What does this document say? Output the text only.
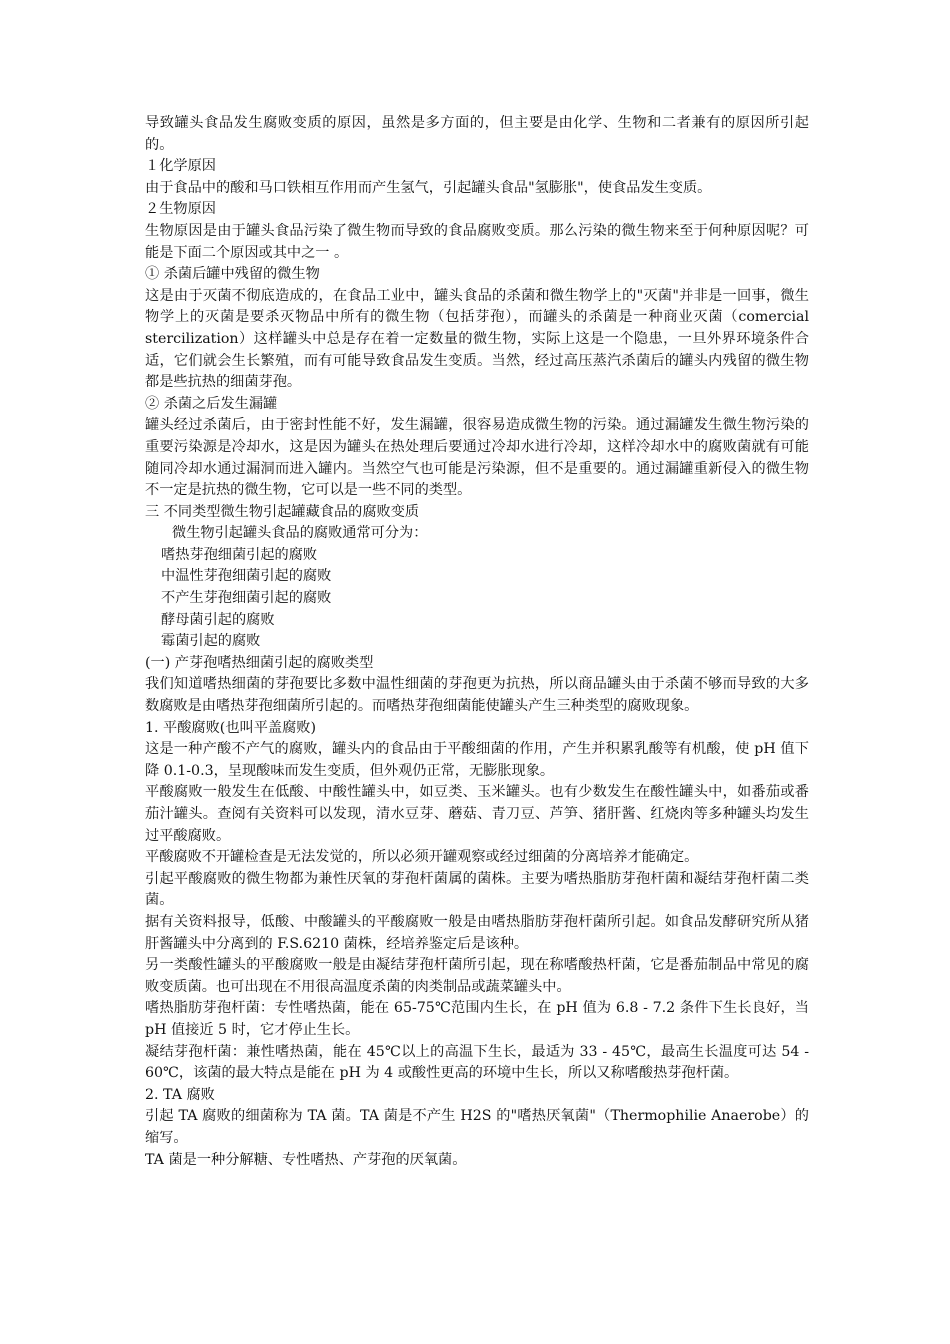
导致罐头食品发生腐败变质的原因，虽然是多方面的，但主要是由化学、生物和二者兼有的原因所引起的。

１化学原因

由于食品中的酸和马口铁相互作用而产生氢气，引起罐头食品"氢膨胀"，使食品发生变质。

２生物原因

生物原因是由于罐头食品污染了微生物而导致的食品腐败变质。那么污染的微生物来至于何种原因呢？可能是下面二个原因或其中之一 。

① 杀菌后罐中残留的微生物

这是由于灭菌不彻底造成的，在食品工业中，罐头食品的杀菌和微生物学上的"灭菌"并非是一回事，微生物学上的灭菌是要杀灭物品中所有的微生物（包括芽孢），而罐头的杀菌是一种商业灭菌（comercial stercilization）这样罐头中总是存在着一定数量的微生物，实际上这是一个隐患，一旦外界环境条件合适，它们就会生长繁殖，而有可能导致食品发生变质。当然，经过高压蒸汽杀菌后的罐头内残留的微生物都是些抗热的细菌芽孢。

② 杀菌之后发生漏罐

罐头经过杀菌后，由于密封性能不好，发生漏罐，很容易造成微生物的污染。通过漏罐发生微生物污染的重要污染源是冷却水，这是因为罐头在热处理后要通过冷却水进行冷却，这样冷却水中的腐败菌就有可能随同冷却水通过漏洞而进入罐内。当然空气也可能是污染源，但不是重要的。通过漏罐重新侵入的微生物不一定是抗热的微生物，它可以是一些不同的类型。

三 不同类型微生物引起罐藏食品的腐败变质

微生物引起罐头食品的腐败通常可分为：

嗜热芽孢细菌引起的腐败

中温性芽孢细菌引起的腐败

不产生芽孢细菌引起的腐败

酵母菌引起的腐败

霉菌引起的腐败

(一) 产芽孢嗜热细菌引起的腐败类型

我们知道嗜热细菌的芽孢要比多数中温性细菌的芽孢更为抗热，所以商品罐头由于杀菌不够而导致的大多数腐败是由嗜热芽孢细菌所引起的。而嗜热芽孢细菌能使罐头产生三种类型的腐败现象。

1. 平酸腐败(也叫平盖腐败)

这是一种产酸不产气的腐败，罐头内的食品由于平酸细菌的作用，产生并积累乳酸等有机酸，使 pH 值下降 0.1-0.3，呈现酸味而发生变质，但外观仍正常，无膨胀现象。

平酸腐败一般发生在低酸、中酸性罐头中，如豆类、玉米罐头。也有少数发生在酸性罐头中，如番茄或番茄汁罐头。查阅有关资料可以发现，清水豆芽、蘑菇、青刀豆、芦笋、猪肝酱、红烧肉等多种罐头均发生过平酸腐败。

平酸腐败不开罐检查是无法发觉的，所以必须开罐观察或经过细菌的分离培养才能确定。

引起平酸腐败的微生物都为兼性厌氧的芽孢杆菌属的菌株。主要为嗜热脂肪芽孢杆菌和凝结芽孢杆菌二类菌。

据有关资料报导，低酸、中酸罐头的平酸腐败一般是由嗜热脂肪芽孢杆菌所引起。如食品发酵研究所从猪肝酱罐头中分离到的 F.S.6210 菌株，经培养鉴定后是该种。

另一类酸性罐头的平酸腐败一般是由凝结芽孢杆菌所引起，现在称嗜酸热杆菌，它是番茄制品中常见的腐败变质菌。也可出现在不用很高温度杀菌的肉类制品或蔬菜罐头中。

嗜热脂肪芽孢杆菌：专性嗜热菌，能在 65-75℃范围内生长，在 pH 值为 6.8 - 7.2 条件下生长良好，当 pH 值接近 5 时，它才停止生长。

凝结芽孢杆菌：兼性嗜热菌，能在 45℃以上的高温下生长，最适为 33 - 45℃，最高生长温度可达 54 - 60℃，该菌的最大特点是能在 pH 为 4 或酸性更高的环境中生长，所以又称嗜酸热芽孢杆菌。

2. TA 腐败

引起 TA 腐败的细菌称为 TA 菌。TA 菌是不产生 H2S 的"嗜热厌氧菌"（Thermophilie Anaerobe）的缩写。

TA 菌是一种分解糖、专性嗜热、产芽孢的厌氧菌。
